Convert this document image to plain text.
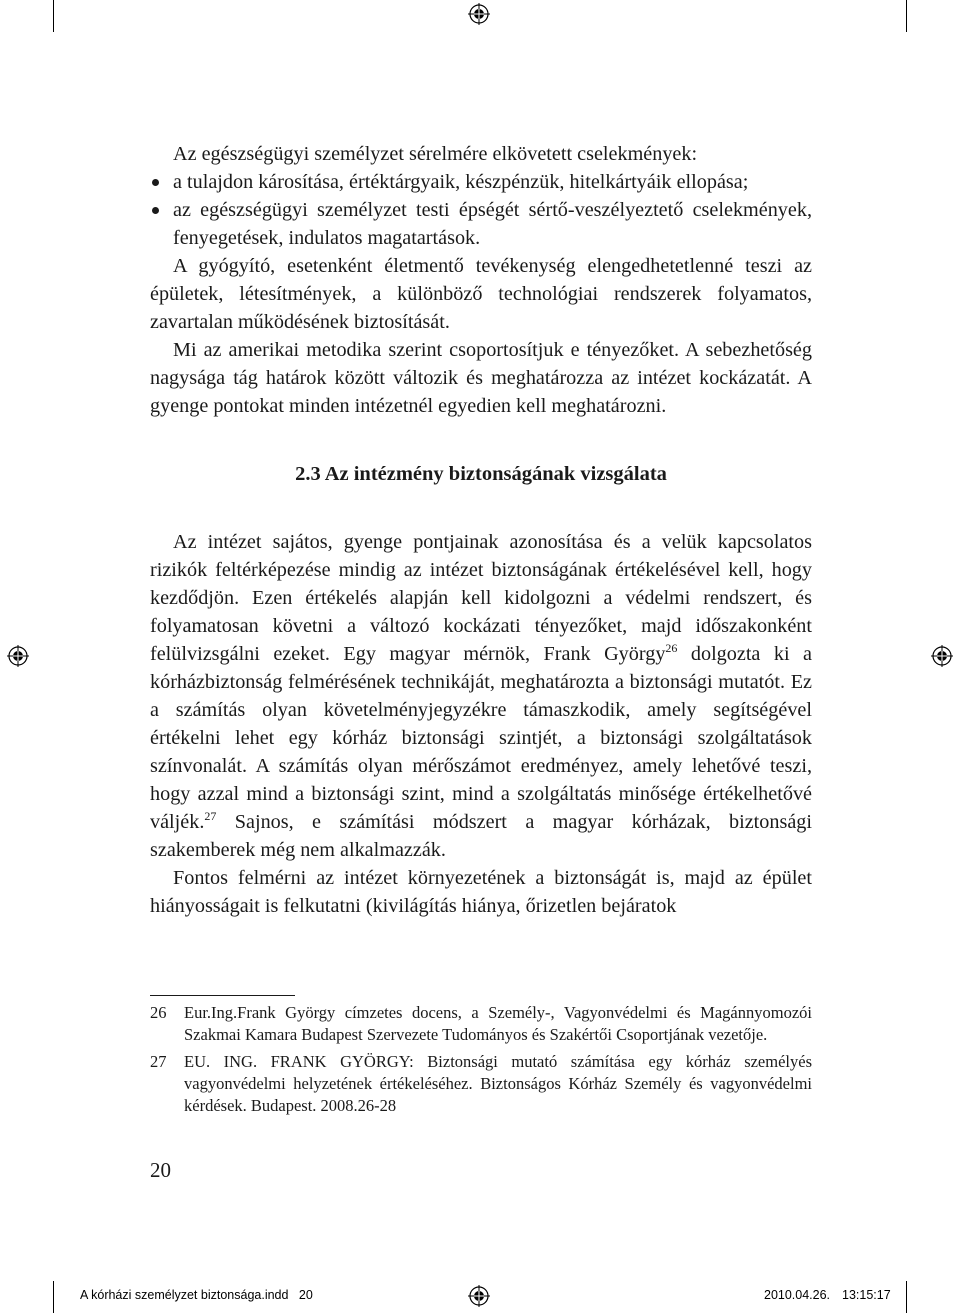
Az egészségügyi személyzet sérelmére elkövetett cselekmények:

a tulajdon károsítása, értéktárgyaik, készpénzük, hitelkártyáik ellopása;
az egészségügyi személyzet testi épségét sértő-veszélyeztető cselekmények, fenyegetések, indulatos magatartások.

A gyógyító, esetenként életmentő tevékenység elengedhetetlenné teszi az épületek, létesítmények, a különböző technológiai rendszerek folyamatos, zavartalan működésének biztosítását.

Mi az amerikai metodika szerint csoportosítjuk e tényezőket. A sebezhetőség nagysága tág határok között változik és meghatározza az intézet kockázatát. A gyenge pontokat minden intézetnél egyedien kell meghatározni.

2.3 Az intézmény biztonságának vizsgálata

Az intézet sajátos, gyenge pontjainak azonosítása és a velük kapcsolatos rizikók feltérképezése mindig az intézet biztonságának értékelésével kell, hogy kezdődjön. Ezen értékelés alapján kell kidolgozni a védelmi rendszert, és folyamatosan követni a változó kockázati tényezőket, majd időszakonként felülvizsgálni ezeket. Egy magyar mérnök, Frank György$^{26}$ dolgozta ki a kórházbiztonság felmérésének technikáját, meghatározta a biztonsági mutatót. Ez a számítás olyan követelményjegyzékre támaszkodik, amely segítségével értékelni lehet egy kórház biztonsági szintjét, a biztonsági szolgáltatások színvonalát. A számítás olyan mérőszámot eredményez, amely lehetővé teszi, hogy azzal mind a biztonsági szint, mind a szolgáltatás minősége értékelhetővé váljék.$^{27}$ Sajnos, e számítási módszert a magyar kórházak, biztonsági szakemberek még nem alkalmazzák.

Fontos felmérni az intézet környezetének a biztonságát is, majd az épület hiányosságait is felkutatni (kivilágítás hiánya, őrizetlen bejáratok

26	Eur.Ing.Frank György címzetes docens, a Személy-, Vagyonvédelmi és Magánnyomozói Szakmai Kamara Budapest Szervezete Tudományos és Szakértői Csoportjának vezetője.
27	EU. ING. FRANK GYÖRGY: Biztonsági mutató számítása egy kórház személyés vagyonvédelmi helyzetének értékeléséhez. Biztonságos Kórház Személy és vagyonvédelmi kérdések. Budapest. 2008.26-28
20
A kórházi személyzet biztonsága.indd   20	2010.04.26. 13:15:17
